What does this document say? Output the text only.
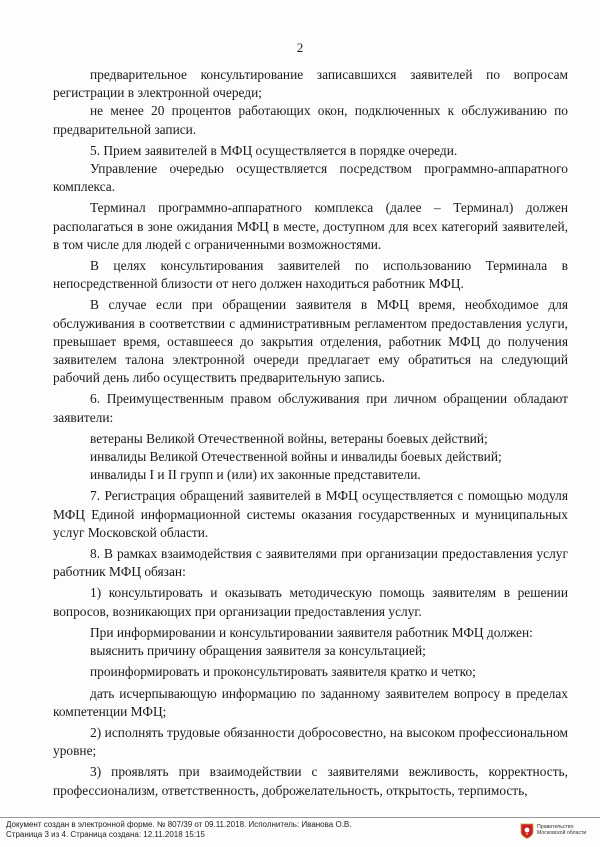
2

предварительное консультирование записавшихся заявителей по вопросам регистрации в электронной очереди;

не менее 20 процентов работающих окон, подключенных к обслуживанию по предварительной записи.

5. Прием заявителей в МФЦ осуществляется в порядке очереди.

Управление очередью осуществляется посредством программно-аппаратного комплекса.

Терминал программно-аппаратного комплекса (далее – Терминал) должен располагаться в зоне ожидания МФЦ в месте, доступном для всех категорий заявителей, в том числе для людей с ограниченными возможностями.

В целях консультирования заявителей по использованию Терминала в непосредственной близости от него должен находиться работник МФЦ.

В случае если при обращении заявителя в МФЦ время, необходимое для обслуживания в соответствии с административным регламентом предоставления услуги, превышает время, оставшееся до закрытия отделения, работник МФЦ до получения заявителем талона электронной очереди предлагает ему обратиться на следующий рабочий день либо осуществить предварительную запись.

6. Преимущественным правом обслуживания при личном обращении обладают заявители:

ветераны Великой Отечественной войны, ветераны боевых действий;

инвалиды Великой Отечественной войны и инвалиды боевых действий;

инвалиды I и II групп и (или) их законные представители.

7. Регистрация обращений заявителей в МФЦ осуществляется с помощью модуля МФЦ Единой информационной системы оказания государственных и муниципальных услуг Московской области.

8. В рамках взаимодействия с заявителями при организации предоставления услуг работник МФЦ обязан:

1) консультировать и оказывать методическую помощь заявителям в решении вопросов, возникающих при организации предоставления услуг.

При информировании и консультировании заявителя работник МФЦ должен:

выяснить причину обращения заявителя за консультацией;

проинформировать и проконсультировать заявителя кратко и четко;

дать исчерпывающую информацию по заданному заявителем вопросу в пределах компетенции МФЦ;

2) исполнять трудовые обязанности добросовестно, на высоком профессиональном уровне;

3) проявлять при взаимодействии с заявителями вежливость, корректность, профессионализм, ответственность, доброжелательность, открытость, терпимость,

Документ создан в электронной форме. № 807/39 от 09.11.2018. Исполнитель: Иванова О.В.
Страница 3 из 4. Страница создана: 12.11.2018 15:15
Правительство
Московской области
